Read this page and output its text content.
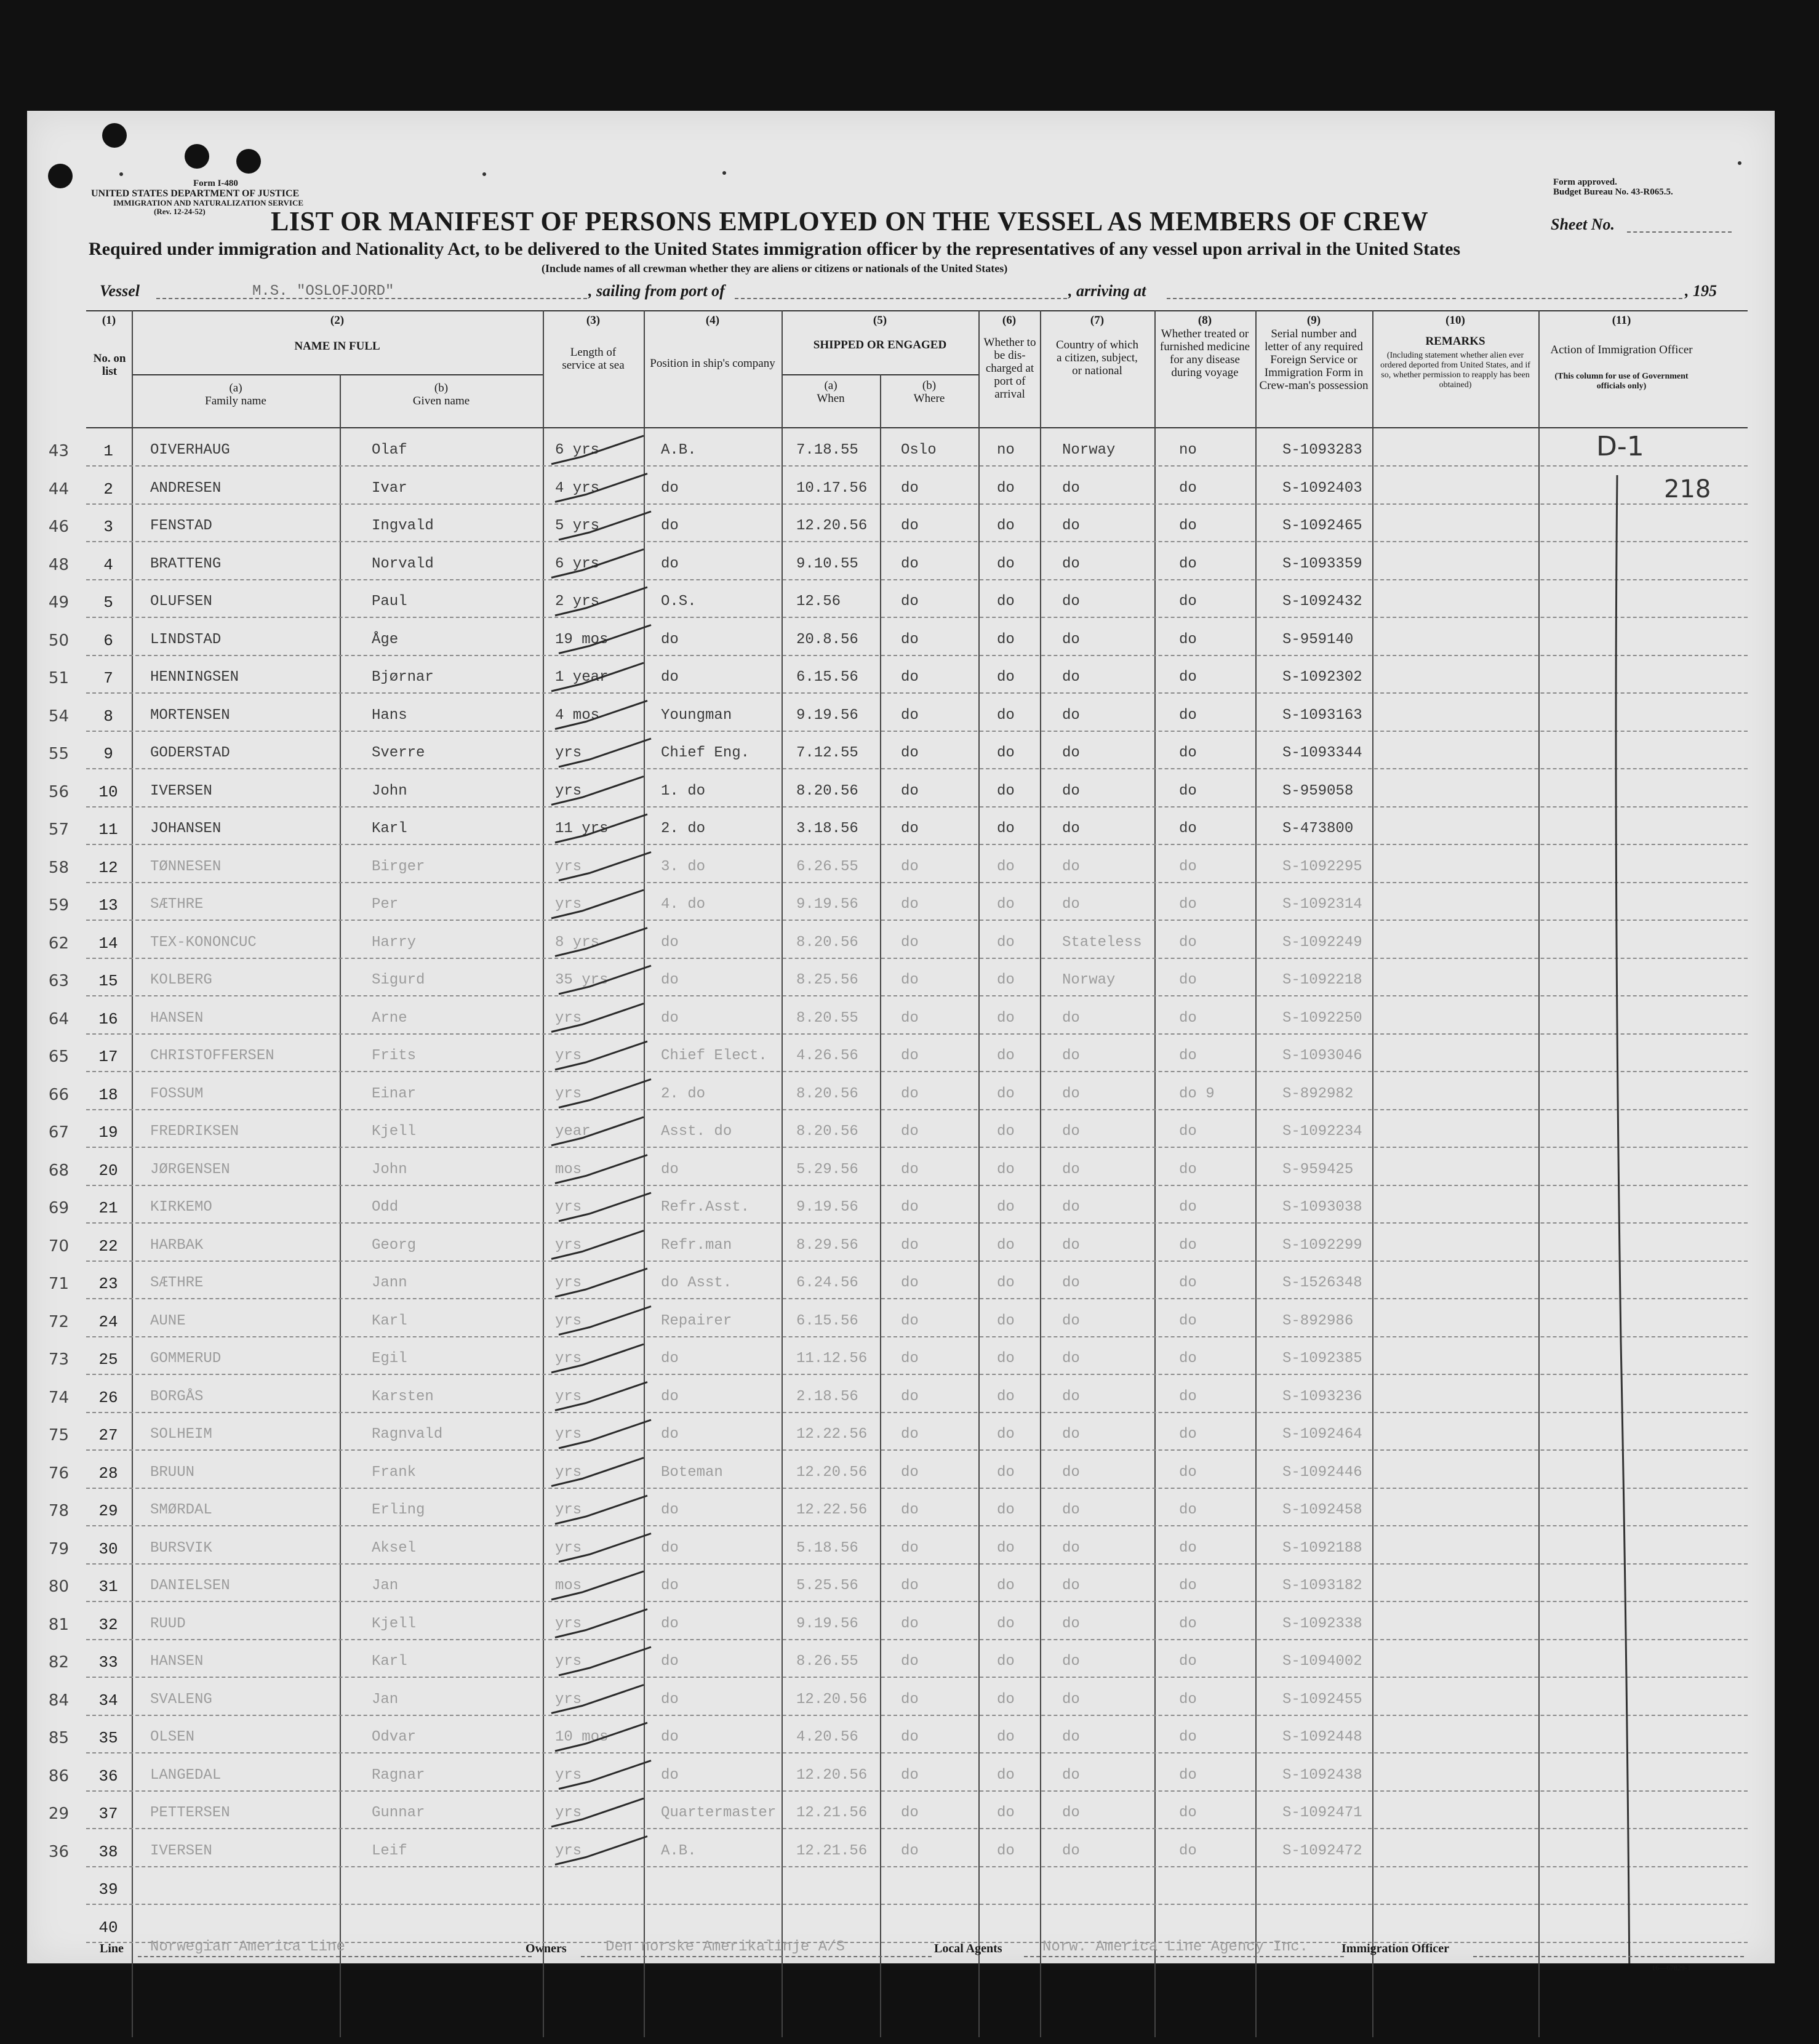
Form I-480
UNITED STATES DEPARTMENT OF JUSTICE
IMMIGRATION AND NATURALIZATION SERVICE
(Rev. 12-24-52)
Form approved.
Budget Bureau No. 43-R065.5.
LIST OR MANIFEST OF PERSONS EMPLOYED ON THE VESSEL AS MEMBERS OF CREW	Sheet No.
Required under immigration and Nationality Act, to be delivered to the United States immigration officer by the representatives of any vessel upon arrival in the United States
(Include names of all crewman whether they are aliens or citizens or nationals of the United States)
Vessel	M.S. "OSLOFJORD"	, sailing from port of	, arriving at	, 195
(1)
No. on list
(2)
NAME IN FULL
(a)
Family name
(b)
Given name
(3)
Length of service at sea
(4)
Position in ship's company
(5)
SHIPPED OR ENGAGED
(a)
When
(b)
Where
(6)
Whether to be dis-charged at port of arrival
(7)
Country of which a citizen, subject, or national
(8)
Whether treated or furnished medicine for any disease during voyage
(9)
Serial number and letter of any required Foreign Service or Immigration Form in Crew-man's possession
(10)
REMARKS
(Including statement whether alien ever ordered deported from United States, and if so, whether permission to reapply has been obtained)
(11)
Action of Immigration Officer
(This column for use of Government officials only)
43	1	OIVERHAUG	Olaf	6 yrs	A.B.	7.18.55	Oslo	no	Norway	no	S-1093283
44	2	ANDRESEN	Ivar	4 yrs	do	10.17.56 do	do	do	do	S-1092403
46	3	FENSTAD	Ingvald	5 yrs	do	12.20.56 do	do	do	do	S-1092465
48	4	BRATTENG	Norvald	6 yrs	do	9.10.55	do	do	do	do	S-1093359
49	5	OLUFSEN	Paul	2 yrs	O.S.	12.56	do	do	do	do	S-1092432
50	6	LINDSTAD	Åge	19 mos	do	20.8.56	do	do	do	do	S-959140
51	7	HENNINGSEN	Bjørnar	1 year	do	6.15.56	do	do	do	do	S-1092302
54	8	MORTENSEN	Hans	4 mos	Youngman	9.19.56	do	do	do	do	S-1093163
55	9	GODERSTAD	Sverre	yrs	Chief Eng.	7.12.55	do	do	do	do	S-1093344
56	10	IVERSEN	John	yrs	1. do	8.20.56	do	do	do	do	S-959058
57	11	JOHANSEN	Karl	11 yrs	2. do	3.18.56	do	do	do	do	S-473800
58	12	TØNNESEN	Birger	yrs	3. do	6.26.55	do	do	do	do	S-1092295
59	13	SÆTHRE	Per	yrs	4. do	9.19.56	do	do	do	do	S-1092314
62	14	TEX-KONONCUC	Harry	8 yrs	do	8.20.56	do	do	Stateless	do	S-1092249
63	15	KOLBERG	Sigurd	35 yrs	do	8.25.56	do	do	Norway	do	S-1092218
64	16	HANSEN	Arne	yrs	do	8.20.55	do	do	do	do	S-1092250
65	17	CHRISTOFFERSEN	Frits	yrs	Chief Elect. 4.26.56	do	do	do	do	S-1093046
66	18	FOSSUM	Einar	yrs	2. do	8.20.56	do	do	do	do 9	S-892982
67	19	FREDRIKSEN	Kjell	year	Asst. do	8.20.56	do	do	do	do	S-1092234
68	20	JØRGENSEN	John	mos	do	5.29.56	do	do	do	do	S-959425
69	21	KIRKEMO	Odd	yrs	Refr.Asst.	9.19.56	do	do	do	do	S-1093038
70	22	HARBAK	Georg	yrs	Refr.man	8.29.56	do	do	do	do	S-1092299
71	23	SÆTHRE	Jann	yrs	do Asst.	6.24.56	do	do	do	do	S-1526348
72	24	AUNE	Karl	yrs	Repairer	6.15.56	do	do	do	do	S-892986
73	25	GOMMERUD	Egil	yrs	do	11.12.56 do	do	do	do	S-1092385
74	26	BORGÅS	Karsten	yrs	do	2.18.56	do	do	do	do	S-1093236
75	27	SOLHEIM	Ragnvald	yrs	do	12.22.56 do	do	do	do	S-1092464
76	28	BRUUN	Frank	yrs	Boteman	12.20.56 do	do	do	do	S-1092446
78	29	SMØRDAL	Erling	yrs	do	12.22.56 do	do	do	do	S-1092458
79	30	BURSVIK	Aksel	yrs	do	5.18.56	do	do	do	do	S-1092188
80	31	DANIELSEN	Jan	mos	do	5.25.56	do	do	do	do	S-1093182
81	32	RUUD	Kjell	yrs	do	9.19.56	do	do	do	do	S-1092338
82	33	HANSEN	Karl	yrs	do	8.26.55	do	do	do	do	S-1094002
84	34	SVALENG	Jan	yrs	do	12.20.56 do	do	do	do	S-1092455
85	35	OLSEN	Odvar	10 mos	do	4.20.56	do	do	do	do	S-1092448
86	36	LANGEDAL	Ragnar	yrs	do	12.20.56 do	do	do	do	S-1092438
29	37	PETTERSEN	Gunnar	yrs	Quartermaster 12.21.56 do	do	do	do	S-1092471
36	38	IVERSEN	Leif	yrs	A.B.	12.21.56 do	do	do	do	S-1092472
39
40
D-1
218
Line Norwegian America Line	Owners	Den norske Amerikalinje A/S	Local Agents	Norw. America Line Agency Inc.	Immigration Officer
16—67829-1
